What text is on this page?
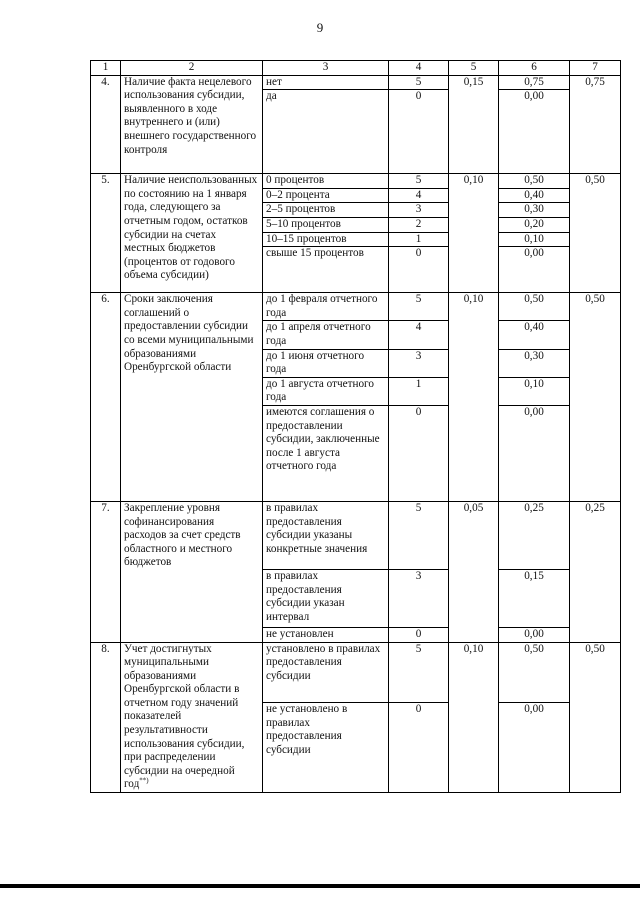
9
1	2	3	4	5	6	7
4.	Наличие факта нецелевого использования субсидии, выявленного в ходе внутреннего и (или) внешнего государственного контроля	нет	5	0,15	0,75	0,75
		да	0		0,00	
5.	Наличие неиспользованных по состоянию на 1 января года, следующего за отчетным годом, остатков субсидии на счетах местных бюджетов (процентов от годового объема субсидии)	0 процентов	5	0,10	0,50	0,50
		0–2 процента	4		0,40	
		2–5 процентов	3		0,30	
		5–10 процентов	2		0,20	
		10–15 процентов	1		0,10	
		свыше 15 процентов	0		0,00	
6.	Сроки заключения соглашений о предоставлении субсидии со всеми муниципальными образованиями Оренбургской области	до 1 февраля отчетного года	5	0,10	0,50	0,50
		до 1 апреля отчетного года	4		0,40	
		до 1 июня отчетного года	3		0,30	
		до 1 августа отчетного года	1		0,10	
		имеются соглашения о предоставлении субсидии, заключенные после 1 августа отчетного года	0		0,00	
7.	Закрепление уровня софинансирования расходов за счет средств областного и местного бюджетов	в правилах предоставления субсидии указаны конкретные значения	5	0,05	0,25	0,25
		в правилах предоставления субсидии указан интервал	3		0,15	
		не установлен	0		0,00	
8.	Учет достигнутых муниципальными образованиями Оренбургской области в отчетном году значений показателей результативности использования субсидии, при распределении субсидии на очередной год**)	установлено в правилах предоставления субсидии	5	0,10	0,50	0,50
		не установлено в правилах предоставления субсидии	0		0,00	
